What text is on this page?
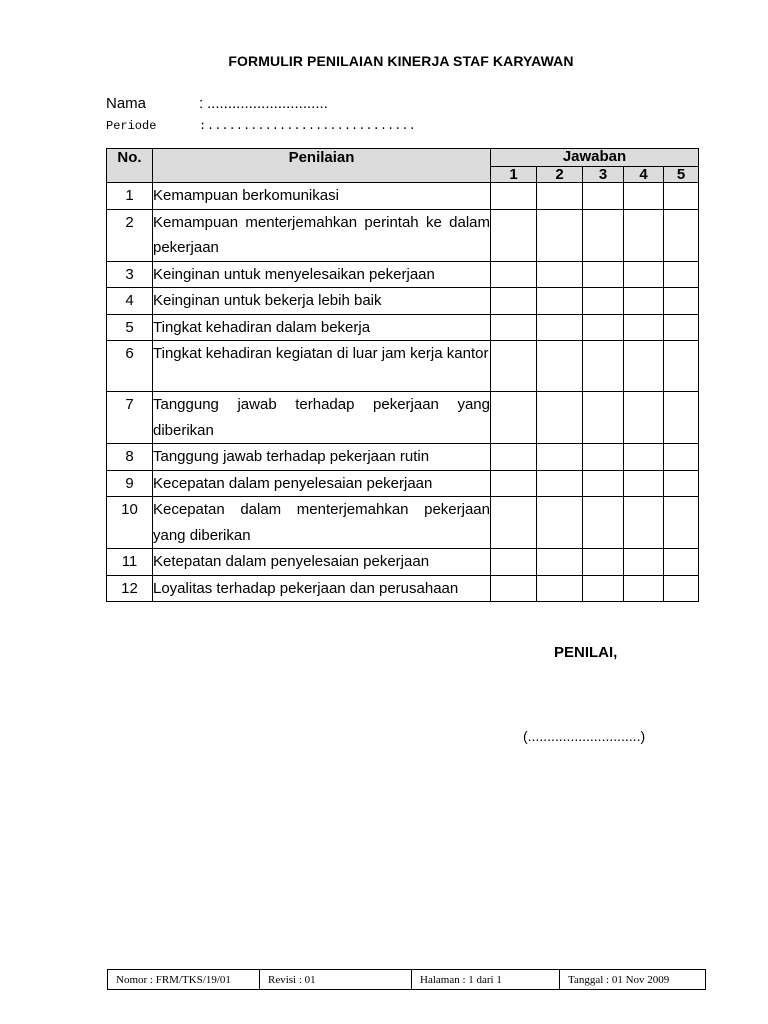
FORMULIR PENILAIAN KINERJA STAF KARYAWAN
Nama	: .............................
Periode	:.............................
No.	Penilaian	Jawaban				
		1	2	3	4	5
1	Kemampuan berkomunikasi					
2	Kemampuan menterjemahkan perintah ke dalam pekerjaan					
3	Keinginan untuk menyelesaikan pekerjaan					
4	Keinginan untuk bekerja lebih baik					
5	Tingkat kehadiran dalam bekerja					
6	Tingkat kehadiran kegiatan di luar jam kerja kantor					
7	Tanggung jawab terhadap pekerjaan yang diberikan					
8	Tanggung jawab terhadap pekerjaan rutin					
9	Kecepatan dalam penyelesaian pekerjaan					
10	Kecepatan dalam menterjemahkan pekerjaan yang diberikan					
11	Ketepatan dalam penyelesaian pekerjaan					
12	Loyalitas terhadap pekerjaan dan perusahaan					
PENILAI,
(.............................)
Nomor : FRM/TKS/19/01	Revisi : 01	Halaman : 1 dari 1	Tanggal : 01 Nov 2009
